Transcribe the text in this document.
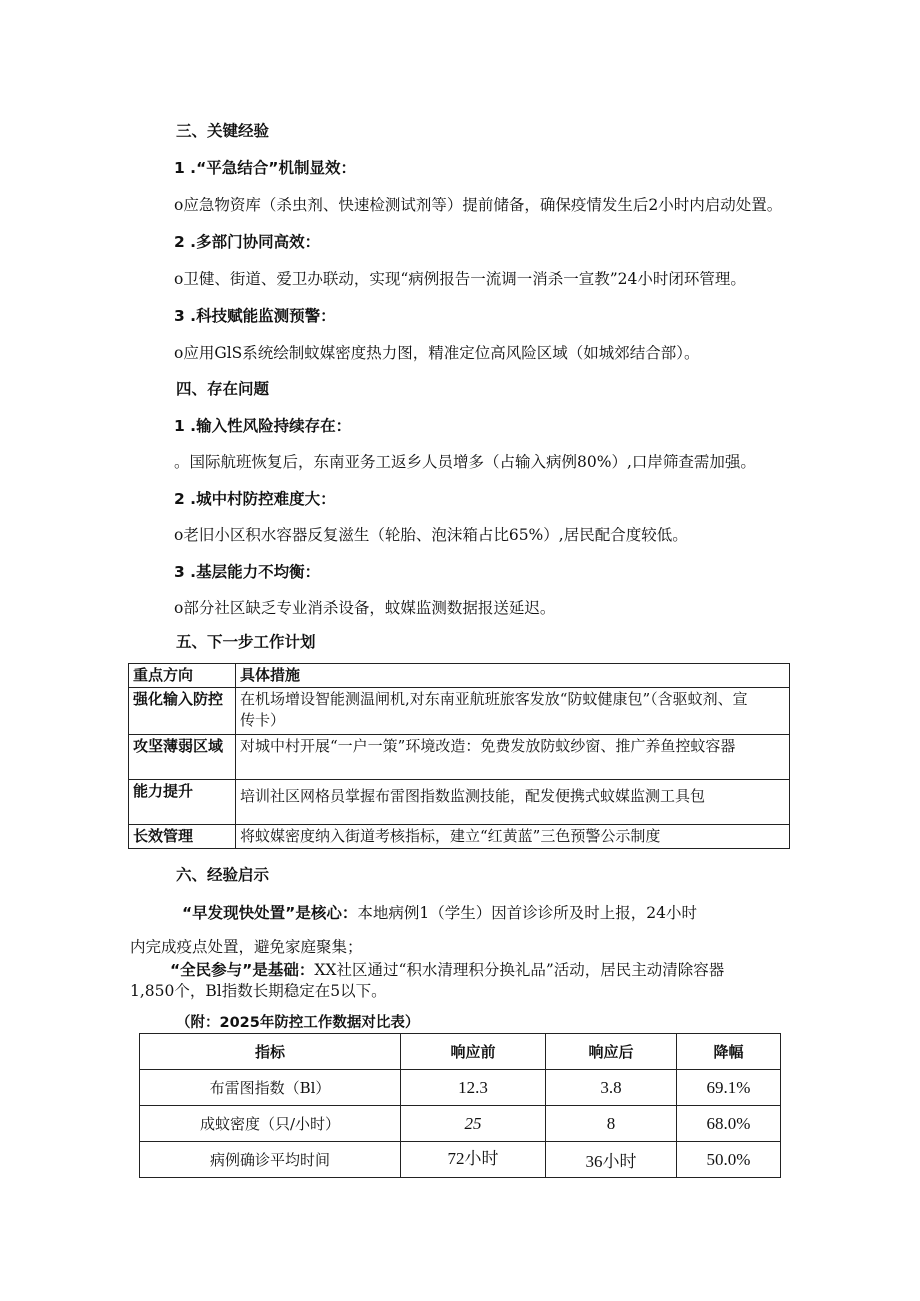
三、关键经验
1 .“平急结合”机制显效：
o应急物资库（杀虫剂、快速检测试剂等）提前储备，确保疫情发生后2小时内启动处置。
2 .多部门协同高效：
o卫健、街道、爱卫办联动，实现“病例报告一流调一消杀一宣教”24小时闭环管理。
3 .科技赋能监测预警：
o应用GlS系统绘制蚊媒密度热力图，精准定位高风险区域（如城郊结合部）。
四、存在问题
1 .输入性风险持续存在：
。国际航班恢复后，东南亚务工返乡人员增多（占输入病例80%）,口岸筛查需加强。
2 .城中村防控难度大：
o老旧小区积水容器反复滋生（轮胎、泡沫箱占比65%）,居民配合度较低。
3 .基层能力不均衡：
o部分社区缺乏专业消杀设备，蚊媒监测数据报送延迟。
五、下一步工作计划
重点方向	具体措施
强化输入防控	在机场增设智能测温闸机,对东南亚航班旅客发放“防蚊健康包”（含驱蚊剂、宣
传卡）

攻坚薄弱区域	对城中村开展“一户一策”环境改造：免费发放防蚊纱窗、推广养鱼控蚊容器
能力提升	培训社区网格员掌握布雷图指数监测技能，配发便携式蚊媒监测工具包
长效管理	将蚊媒密度纳入街道考核指标，建立“红黄蓝”三色预警公示制度
六、经验启示
“早发现快处置”是核心：本地病例1（学生）因首诊诊所及时上报，24小时
内完成疫点处置，避免家庭聚集；
“全民参与”是基础：XX社区通过“积水清理积分换礼品”活动，居民主动清除容器
1,850个，Bl指数长期稳定在5以下。
（附：2025年防控工作数据对比表）
指标	响应前	响应后	降幅
布雷图指数（Bl）	12.3	3.8	69.1%
成蚊密度（只/小时）	25	8	68.0%
病例确诊平均时间	72小时	36小时	50.0%
